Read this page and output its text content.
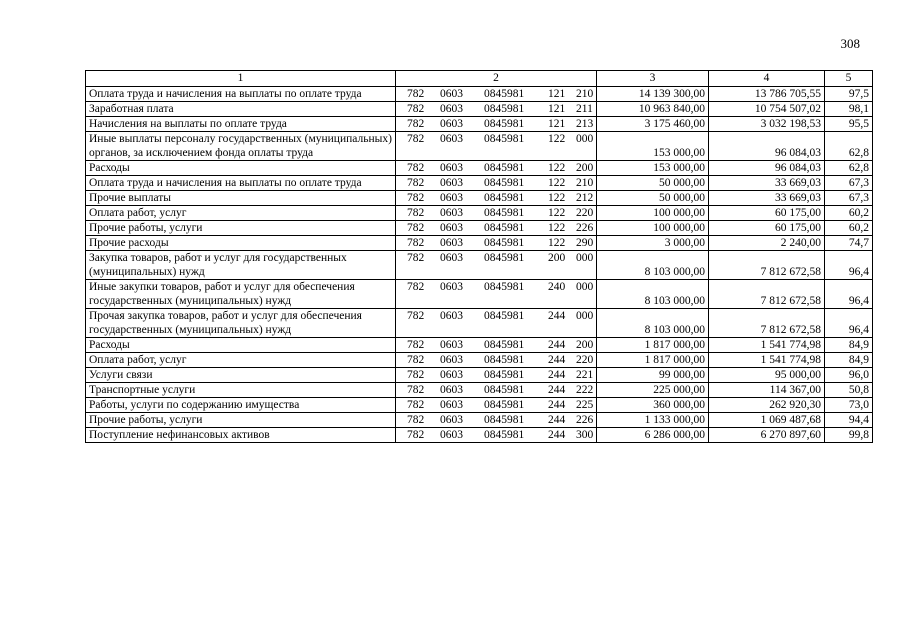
308
1	2	3	4	5
Оплата труда и начисления на выплаты по оплате труда	782 0603 0845981 121 210	14 139 300,00	13 786 705,55	97,5
Заработная плата	782 0603 0845981 121 211	10 963 840,00	10 754 507,02	98,1
Начисления на выплаты по оплате труда	782 0603 0845981 121 213	3 175 460,00	3 032 198,53	95,5
Иные выплаты персоналу государственных (муниципальных) органов, за исключением фонда оплаты труда	782 0603 0845981 122 000	153 000,00	96 084,03	62,8
Расходы	782 0603 0845981 122 200	153 000,00	96 084,03	62,8
Оплата труда и начисления на выплаты по оплате труда	782 0603 0845981 122 210	50 000,00	33 669,03	67,3
Прочие выплаты	782 0603 0845981 122 212	50 000,00	33 669,03	67,3
Оплата работ, услуг	782 0603 0845981 122 220	100 000,00	60 175,00	60,2
Прочие работы, услуги	782 0603 0845981 122 226	100 000,00	60 175,00	60,2
Прочие расходы	782 0603 0845981 122 290	3 000,00	2 240,00	74,7
Закупка товаров, работ и услуг для государственных (муниципальных) нужд	782 0603 0845981 200 000	8 103 000,00	7 812 672,58	96,4
Иные закупки товаров, работ и услуг для обеспечения государственных (муниципальных) нужд	782 0603 0845981 240 000	8 103 000,00	7 812 672,58	96,4
Прочая закупка товаров, работ и услуг для обеспечения государственных (муниципальных) нужд	782 0603 0845981 244 000	8 103 000,00	7 812 672,58	96,4
Расходы	782 0603 0845981 244 200	1 817 000,00	1 541 774,98	84,9
Оплата работ, услуг	782 0603 0845981 244 220	1 817 000,00	1 541 774,98	84,9
Услуги связи	782 0603 0845981 244 221	99 000,00	95 000,00	96,0
Транспортные услуги	782 0603 0845981 244 222	225 000,00	114 367,00	50,8
Работы, услуги по содержанию имущества	782 0603 0845981 244 225	360 000,00	262 920,30	73,0
Прочие работы, услуги	782 0603 0845981 244 226	1 133 000,00	1 069 487,68	94,4
Поступление нефинансовых активов	782 0603 0845981 244 300	6 286 000,00	6 270 897,60	99,8
